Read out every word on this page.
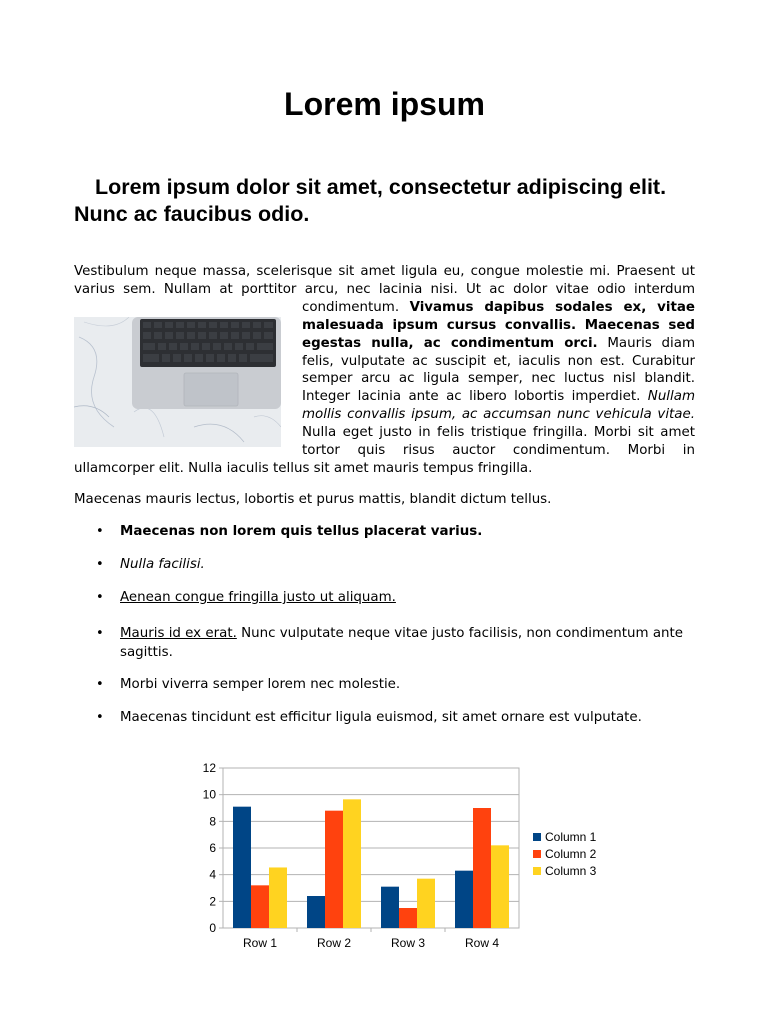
Lorem ipsum
Lorem ipsum dolor sit amet, consectetur adipiscing elit. Nunc ac faucibus odio.

Vestibulum neque massa, scelerisque sit amet ligula eu, congue molestie mi. Praesent ut varius sem. Nullam at porttitor arcu, nec lacinia nisi. Ut ac dolor vitae odio interdum condimentum.
Vivamus dapibus sodales ex, vitae malesuada ipsum cursus convallis. Maecenas sed egestas nulla, ac condimentum orci. Mauris diam felis, vulputate ac suscipit et, iaculis non est. Curabitur semper arcu ac ligula semper, nec luctus nisl blandit. Integer lacinia ante ac libero lobortis imperdiet. Nullam mollis convallis ipsum, ac accumsan nunc vehicula vitae. Nulla eget justo in felis tristique fringilla. Morbi sit amet tortor quis risus auctor condimentum. Morbi in ullamcorper elit. Nulla iaculis tellus sit amet mauris tempus fringilla.

Maecenas mauris lectus, lobortis et purus mattis, blandit dictum tellus.

• Maecenas non lorem quis tellus placerat varius.
• Nulla facilisi.
• Aenean congue fringilla justo ut aliquam.
• Mauris id ex erat. Nunc vulputate neque vitae justo facilisis, non condimentum ante sagittis.
• Morbi viverra semper lorem nec molestie.
• Maecenas tincidunt est efficitur ligula euismod, sit amet ornare est vulputate.
0
2
4
6
8
10
12
Row 1	Row 2	Row 3	Row 4
Column 1
Column 2
Column 3
